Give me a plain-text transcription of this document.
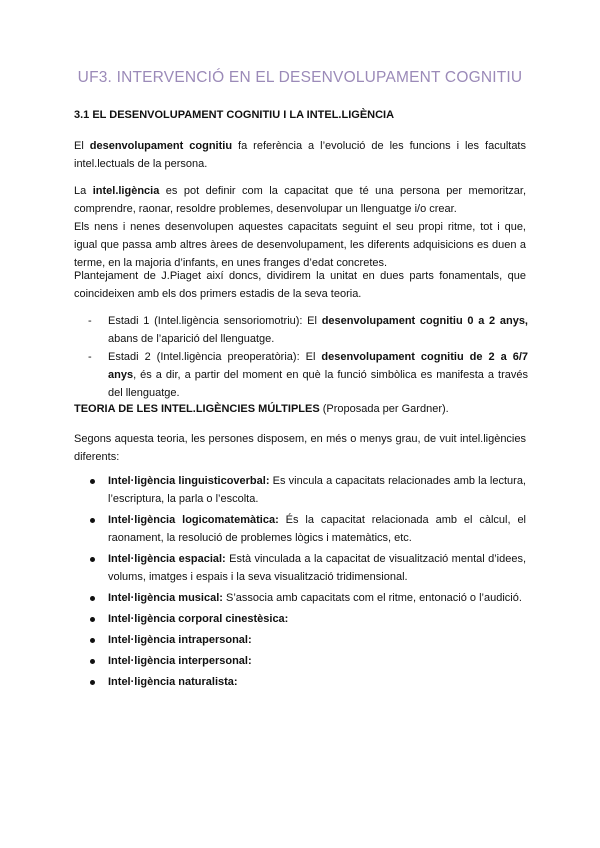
UF3. INTERVENCIÓ EN EL DESENVOLUPAMENT COGNITIU
3.1 EL DESENVOLUPAMENT COGNITIU I LA INTEL.LIGÈNCIA
El desenvolupament cognitiu fa referència a l’evolució de les funcions i les facultats intel.lectuals de la persona.
La intel.ligència es pot definir com la capacitat que té una persona per memoritzar, comprendre, raonar, resoldre problemes, desenvolupar un llenguatge i/o crear.
Els nens i nenes desenvolupen aquestes capacitats seguint el seu propi ritme, tot i que, igual que passa amb altres àrees de desenvolupament, les diferents adquisicions es duen a terme, en la majoria d’infants, en unes franges d’edat concretes.
Plantejament de J.Piaget així doncs, dividirem la unitat en dues parts fonamentals, que coincideixen amb els dos primers estadis de la seva teoria.
- Estadi 1 (Intel.ligència sensoriomotriu): El desenvolupament cognitiu 0 a 2 anys, abans de l’aparició del llenguatge.
- Estadi 2 (Intel.ligència preoperatòria): El desenvolupament cognitiu de 2 a 6/7 anys, és a dir, a partir del moment en què la funció simbòlica es manifesta a través del llenguatge.
TEORIA DE LES INTEL.LIGÈNCIES MÚLTIPLES (Proposada per Gardner).
Segons aquesta teoria, les persones disposem, en més o menys grau, de vuit intel.ligències diferents:
Intel·ligència linguisticoverbal: Es vincula a capacitats relacionades amb la lectura, l’escriptura, la parla o l’escolta.
Intel·ligència logicomatemàtica: És la capacitat relacionada amb el càlcul, el raonament, la resolució de problemes lògics i matemàtics, etc.
Intel·ligència espacial: Està vinculada a la capacitat de visualització mental d’idees, volums, imatges i espais i la seva visualització tridimensional.
Intel·ligència musical: S’associa amb capacitats com el ritme, entonació o l’audició.
Intel·ligència corporal cinestèsica:
Intel·ligència intrapersonal:
Intel·ligència interpersonal:
Intel·ligència naturalista:
